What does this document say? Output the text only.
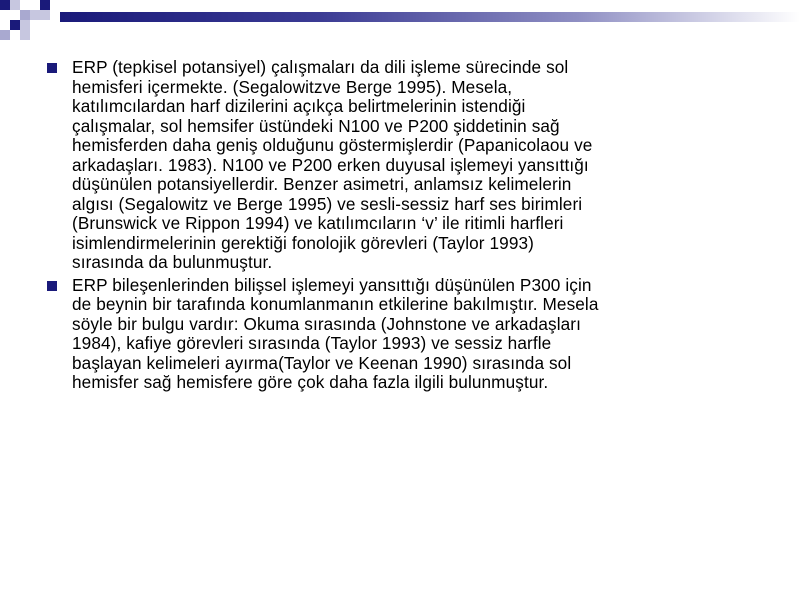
ERP (tepkisel potansiyel) çalışmaları da dili işleme sürecinde sol
hemisferi içermekte. (Segalowitzve Berge 1995). Mesela,
katılımcılardan harf dizilerini açıkça belirtmelerinin istendiği
çalışmalar, sol hemsifer üstündeki N100 ve P200 şiddetinin sağ
hemisferden daha geniş olduğunu göstermişlerdir (Papanicolaou ve
arkadaşları. 1983). N100 ve P200 erken duyusal işlemeyi yansıttığı
düşünülen potansiyellerdir. Benzer asimetri, anlamsız kelimelerin
algısı (Segalowitz ve Berge 1995) ve sesli-sessiz harf ses birimleri
(Brunswick ve Rippon 1994) ve katılımcıların ‘v’ ile ritimli harfleri
isimlendirmelerinin gerektiği fonolojik görevleri (Taylor 1993)
sırasında da bulunmuştur.
ERP bileşenlerinden bilişsel işlemeyi yansıttığı düşünülen P300 için
de beynin bir tarafında konumlanmanın etkilerine bakılmıştır. Mesela
söyle bir bulgu vardır: Okuma sırasında (Johnstone ve arkadaşları
1984), kafiye görevleri sırasında (Taylor 1993) ve sessiz harfle
başlayan kelimeleri ayırma(Taylor ve Keenan 1990) sırasında sol
hemisfer sağ hemisfere göre çok daha fazla ilgili bulunmuştur.
